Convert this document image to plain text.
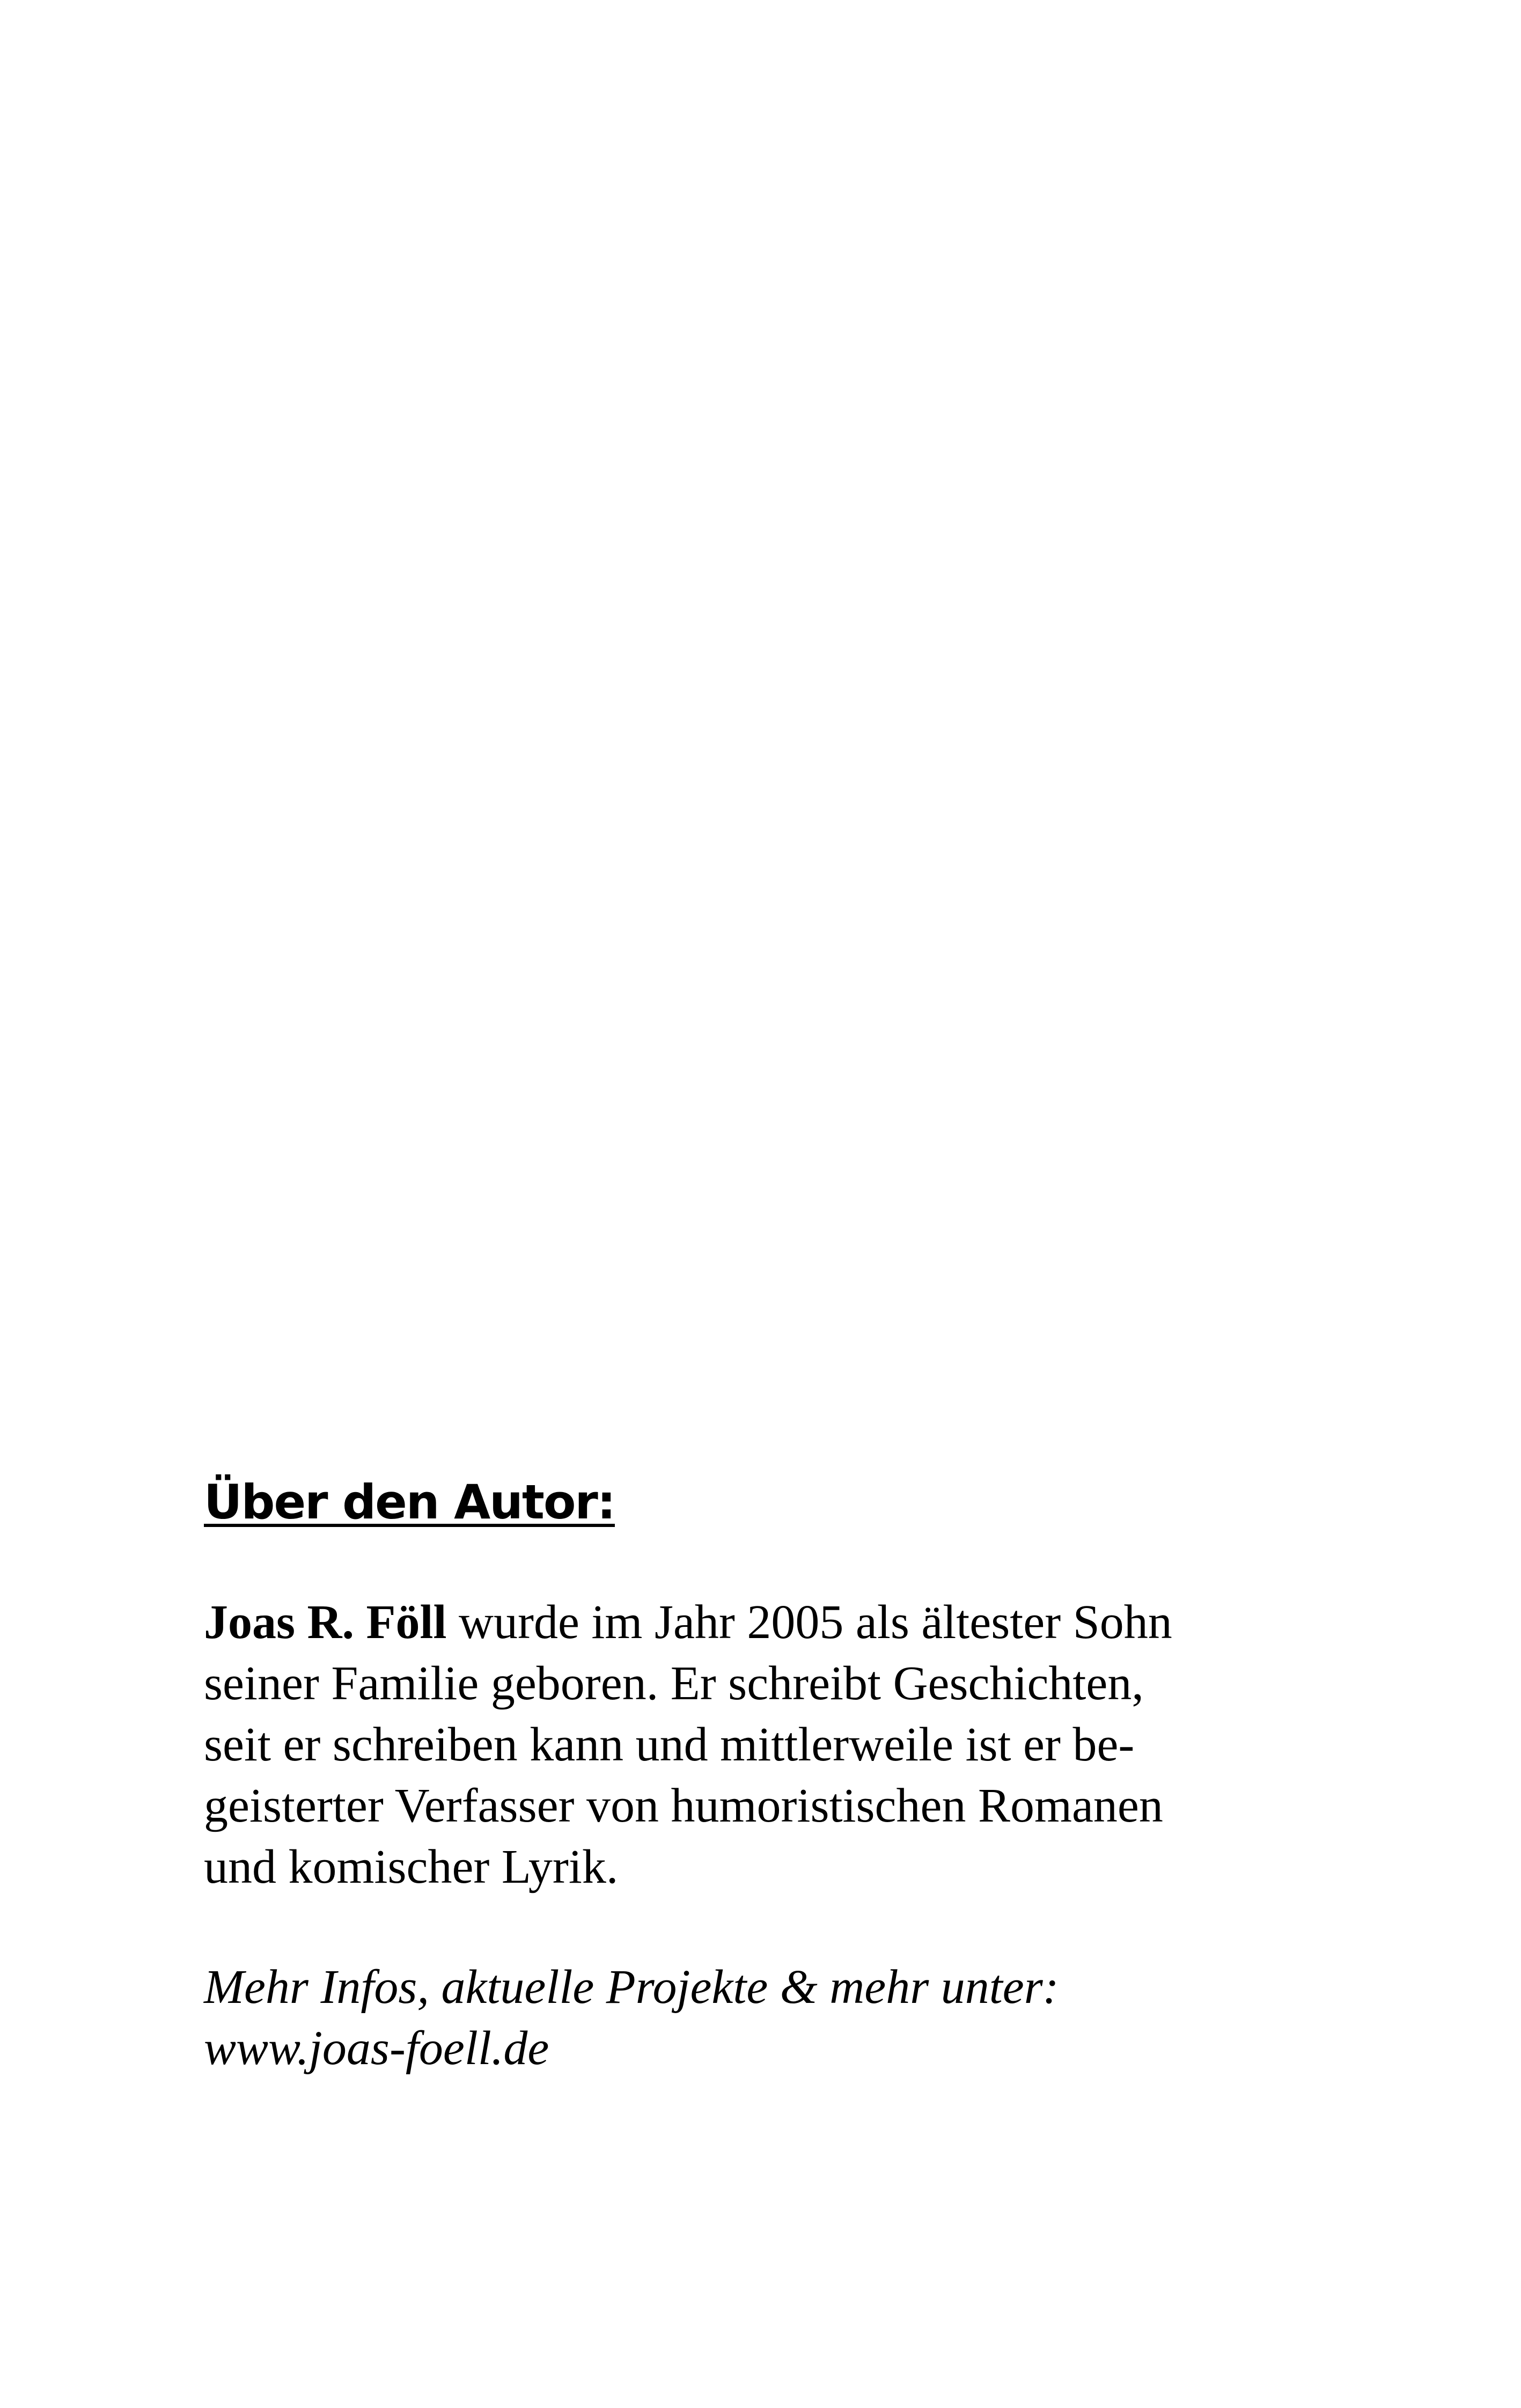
Über den Autor:

Joas R. Föll wurde im Jahr 2005 als ältester Sohn
seiner Familie geboren. Er schreibt Geschichten,
seit er schreiben kann und mittlerweile ist er be-
geisterter Verfasser von humoristischen Romanen
und komischer Lyrik.

Mehr Infos, aktuelle Projekte & mehr unter:
www.joas-foell.de
